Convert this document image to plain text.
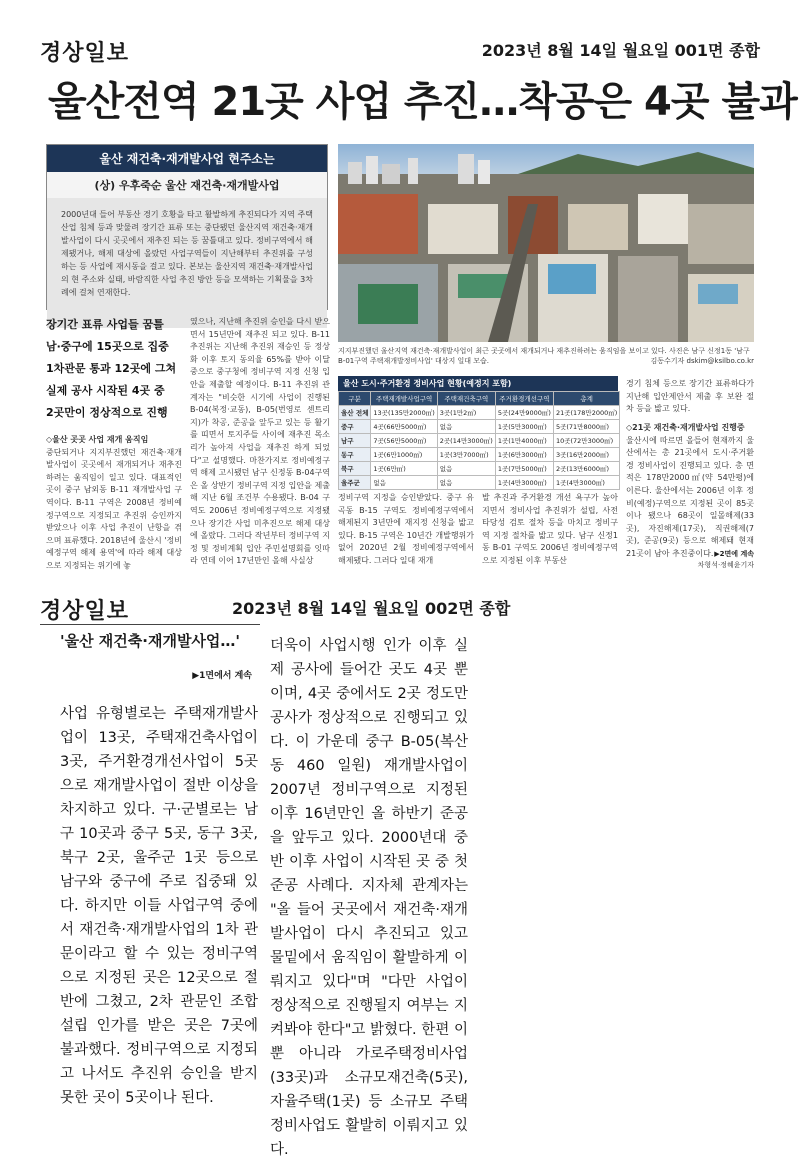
경상일보	2023년 8월 14일 월요일 001면 종합
울산전역 21곳 사업 추진…착공은 4곳 불과
울산 재건축·재개발사업 현주소는
(상) 우후죽순 울산 재건축·재개발사업
2000년대 들어 부동산 경기 호황을 타고 활발하게 추진되다가 지역 주택산업 침체 등과 맞물려 장기간 표류 또는 중단됐던 울산지역 재건축·재개발사업이 다시 곳곳에서 재추진 되는 등 꿈틀대고 있다. 정비구역에서 해제됐거나, 해제 대상에 올랐던 사업구역들이 지난해부터 추진위를 구성하는 등 사업에 재시동을 걸고 있다. 본보는 울산지역 재건축·재개발사업의 현 주소와 실태, 바람직한 사업 추진 방안 등을 모색하는 기획물을 3차례에 걸쳐 연재한다.
장기간 표류 사업들 꿈틀
남·중구에 15곳으로 집중
1차관문 통과 12곳에 그쳐
실제 공사 시작된 4곳 중
2곳만이 정상적으로 진행
◇울산 곳곳 사업 재개 움직임
중단되거나 지지부진했던 재건축·재개발사업이 곳곳에서 재개되거나 재추진 하려는 움직임이 일고 있다. 대표적인 곳이 중구 남외동 B-11 재개발사업 구역이다. B-11 구역은 2008년 정비예정구역으로 지정되고 추진위 승인까지 받았으나 이후 사업 추진이 난항을 겪으며 표류했다. 2018년에 울산시 '정비예정구역 해제 용역'에 따라 해제 대상으로 지정되는 위기에 놓
였으나, 지난해 추진위 승인을 다시 받으면서 15년만에 재추진 되고 있다. B-11 추진위는 지난해 추진위 재승인 등 정상화 이후 토지 동의율 65%를 받아 이달 중으로 중구청에 정비구역 지정 신청 입안을 제출할 예정이다. B-11 추진위 관계자는 "비슷한 시기에 사업이 진행된 B-04(복정·교동), B-05(번영로 센트리지)가 착공, 준공을 앞두고 있는 등 활기를 띠면서 토지주들 사이에 재추진 목소리가 높아져 사업을 재추진 하게 되었다"고 설명했다. 마찬가지로 정비예정구역 해제 고시됐던 남구 신정동 B-04구역은 올 상반기 정비구역 지정 입안을 제출해 지난 6월 조건부 수용됐다. B-04 구역도 2006년 정비예정구역으로 지정됐으나 장기간 사업 미추진으로 해제 대상에 올랐다. 그러다 작년부터 정비구역 지정 및 정비계획 입안 주민설명회를 잇따라 연데 이어 17년만인 올해 사실상
지지부진했던 울산지역 재건축·재개발사업이 최근 곳곳에서 재개되거나 재추진하려는 움직임을 보이고 있다. 사진은 남구 신정1동 '남구 B-01구역 주택재개발정비사업' 대상지 일대 모습.	김동수기자 dskim@ksilbo.co.kr
울산 도시·주거환경 정비사업 현황(예정지 포함)
구분	주택재개발사업구역	주택재건축구역	주거환경개선구역	총계
울산 전체	13곳(135만2000㎡)	3곳(1만2㎡)	5곳(24만9000㎡)	21곳(178만2000㎡)
중구	4곳(66만5000㎡)	없음	1곳(5만3000㎡)	5곳(71만8000㎡)
남구	7곳(56만5000㎡)	2곳(14만3000㎡)	1곳(1만4000㎡)	10곳(72만3000㎡)
동구	1곳(6만1000㎡)	1곳(3만7000㎡)	1곳(6만3000㎡)	3곳(16만2000㎡)
북구	1곳(6만㎡)	없음	1곳(7만5000㎡)	2곳(13만6000㎡)
울주군	없음	없음	1곳(4만3000㎡)	1곳(4만3000㎡)
정비구역 지정을 승인받았다. 중구 유곡동 B-15 구역도 정비예정구역에서 해제된지 3년만에 재지정 신청을 밟고 있다. B-15 구역은 10년간 개발행위가 없어 2020년 2월 정비예정구역에서 해제됐다. 그러다 일대 재개
발 추진과 주거환경 개선 욕구가 높아지면서 정비사업 추진위가 설립, 사전 타당성 검토 절차 등을 마치고 정비구역 지정 절차를 밟고 있다. 남구 신정1동 B-01 구역도 2006년 정비예정구역으로 지정된 이후 부동산
경기 침체 등으로 장기간 표류하다가 지난해 입안제안서 제출 후 보완 절차 등을 밟고 있다.
◇21곳 재건축·재개발사업 진행중
울산시에 따르면 올들어 현재까지 울산에서는 총 21곳에서 도시·주거환경 정비사업이 진행되고 있다. 총 면적은 178만2000㎡(약 54만평)에 이른다. 울산에서는 2006년 이후 정비(예정)구역으로 지정된 곳이 85곳이나 됐으나 68곳이 일몰해제(33곳), 자진해제(17곳), 직권해제(7곳), 준공(9곳) 등으로 해제돼 현재 21곳이 남아 추진중이다. ▶2면에 계속
차형석·정혜윤기자
경상일보	2023년 8월 14일 월요일 002면 종합
'울산 재건축·재개발사업…'
▶1면에서 계속
사업 유형별로는 주택재개발사업이 13곳, 주택재건축사업이 3곳, 주거환경개선사업이 5곳으로 재개발사업이 절반 이상을 차지하고 있다. 구·군별로는 남구 10곳과 중구 5곳, 동구 3곳, 북구 2곳, 울주군 1곳 등으로 남구와 중구에 주로 집중돼 있다. 하지만 이들 사업구역 중에서 재건축·재개발사업의 1차 관문이라고 할 수 있는 정비구역으로 지정된 곳은 12곳으로 절반에 그쳤고, 2차 관문인 조합설립 인가를 받은 곳은 7곳에 불과했다. 정비구역으로 지정되고 나서도 추진위 승인을 받지 못한 곳이 5곳이나 된다.
더욱이 사업시행 인가 이후 실제 공사에 들어간 곳도 4곳 뿐이며, 4곳 중에서도 2곳 정도만 공사가 정상적으로 진행되고 있다. 이 가운데 중구 B-05(복산동 460 일원) 재개발사업이 2007년 정비구역으로 지정된 이후 16년만인 올 하반기 준공을 앞두고 있다. 2000년대 중반 이후 사업이 시작된 곳 중 첫 준공 사례다. 지자체 관계자는 "올 들어 곳곳에서 재건축·재개발사업이 다시 추진되고 있고 물밑에서 움직임이 활발하게 이뤄지고 있다"며 "다만 사업이 정상적으로 진행될지 여부는 지켜봐야 한다"고 밝혔다. 한편 이 뿐 아니라 가로주택정비사업(33곳)과 소규모재건축(5곳), 자율주택(1곳) 등 소규모 주택정비사업도 활발히 이뤄지고 있다.
